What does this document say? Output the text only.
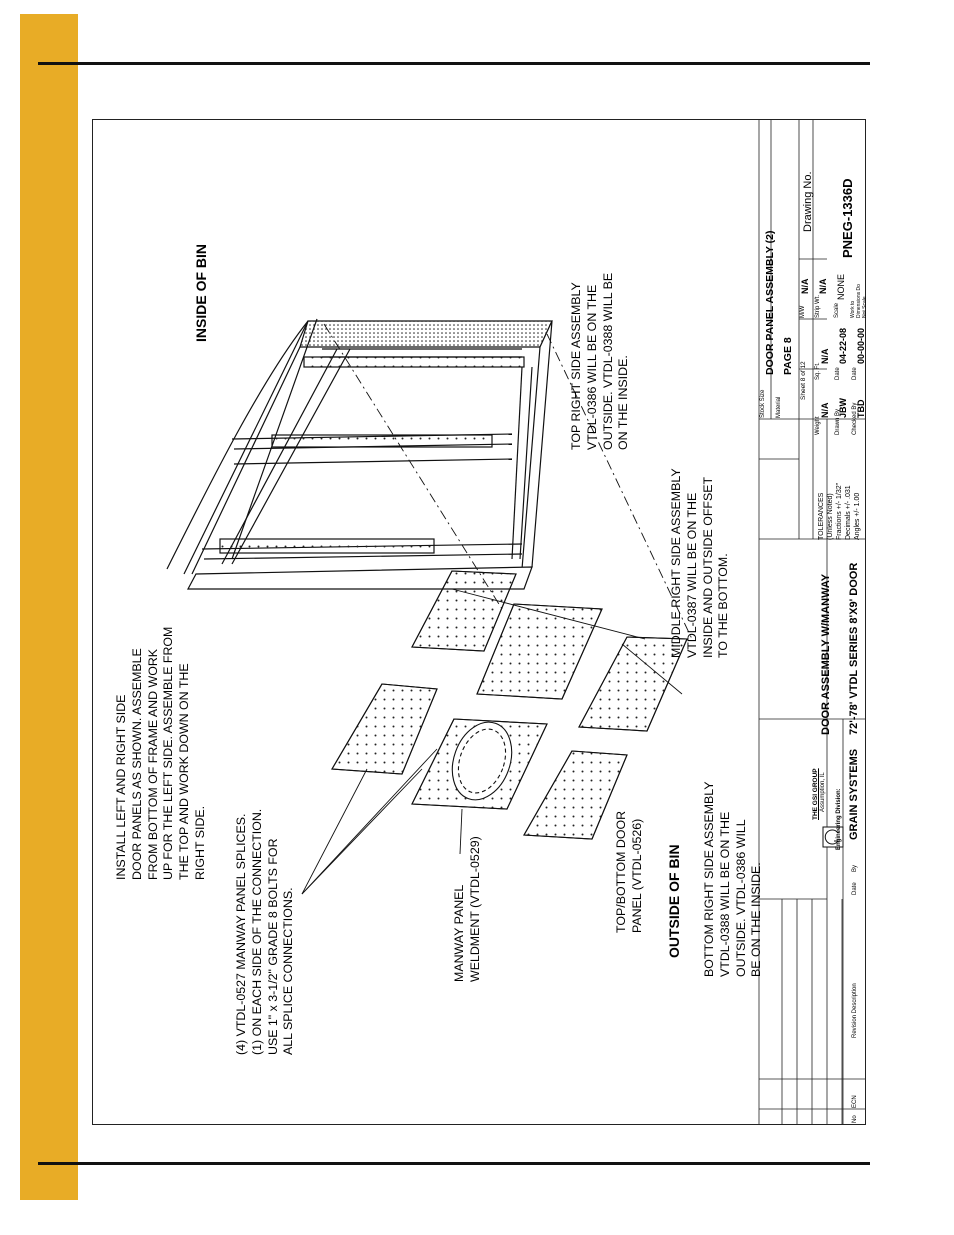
INSIDE OF BIN
OUTSIDE OF BIN
INSTALL LEFT AND RIGHT SIDE DOOR PANELS AS SHOWN. ASSEMBLE FROM BOTTOM OF FRAME AND WORK UP FOR THE LEFT SIDE. ASSEMBLE FROM THE TOP AND WORK DOWN ON THE RIGHT SIDE. (4) VTDL-0527 MANWAY PANEL SPLICES. (1) ON EACH SIDE OF THE CONNECTION. USE 1" x 3-1/2" GRADE 8 BOLTS FOR ALL SPLICE CONNECTIONS.	MANWAY PANEL WELDMENT (VTDL-0529)	TOP/BOTTOM DOOR PANEL (VTDL-0526)	BOTTOM RIGHT SIDE ASSEMBLY VTDL-0388 WILL BE ON THE OUTSIDE. VTDL-0386 WILL BE ON THE INSIDE.
MIDDLE RIGHT SIDE ASSEMBLY VTDL-0387 WILL BE ON THE INSIDE AND OUTSIDE OFFSET TO THE BOTTOM.
TOP RIGHT SIDE ASSEMBLY VTDL-0386 WILL BE ON THE OUTSIDE. VTDL-0388 WILL BE ON THE INSIDE.
No
ECN
Revision Description
Date
By
Engineering Division:
THE GSI GROUP Assumption, IL GRAIN SYSTEMS
DOOR ASSEMBLY W/MANWAY 72'-78' VTDL SERIES 8'X9' DOOR
TOLERANCES (Unless Noted) Fractions +/- 1/32" Decimals +/- .031 Angles +/- 1.00
Stock Size
DOOR PANEL ASSEMBLY (2)
Material
PAGE 8
Sheet 8 of 12
Weight
N/A Drawn By
JBW Checked By
TBD
Sq. Ft.
N/A
Date
04-22-08
Date
00-00-00
M/W
N/A
Strip Wt.
N/A
Scale
NONE
Work to Dimensions Do Not Scale
Drawing No. PNEG-1336D
